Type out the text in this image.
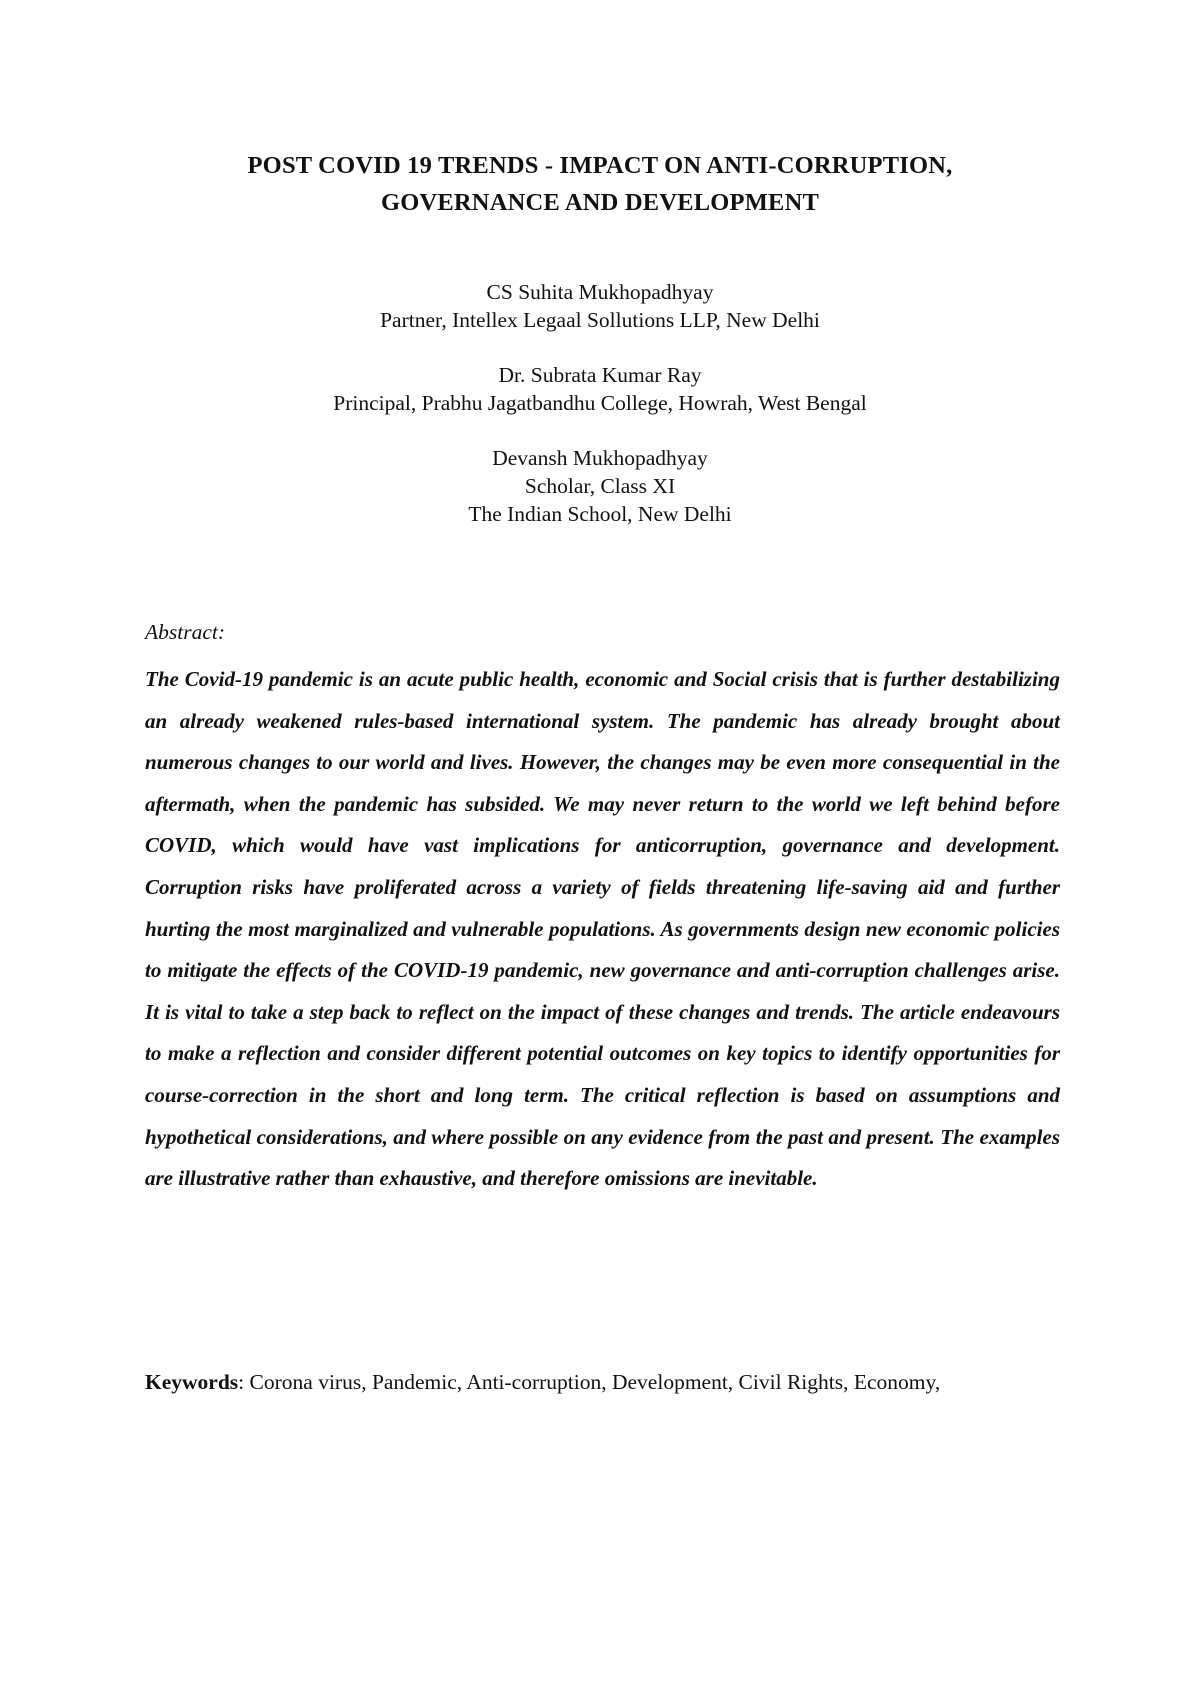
POST COVID 19 TRENDS - IMPACT ON ANTI-CORRUPTION,
GOVERNANCE AND DEVELOPMENT
CS Suhita Mukhopadhyay
Partner, Intellex Legaal Sollutions LLP, New Delhi
Dr. Subrata Kumar Ray
Principal, Prabhu Jagatbandhu College, Howrah, West Bengal
Devansh Mukhopadhyay
Scholar, Class XI
The Indian School, New Delhi
Abstract:
The Covid-19 pandemic is an acute public health, economic and Social crisis that is further destabilizing an already weakened rules-based international system. The pandemic has already brought about numerous changes to our world and lives. However, the changes may be even more consequential in the aftermath, when the pandemic has subsided. We may never return to the world we left behind before COVID, which would have vast implications for anticorruption, governance and development. Corruption risks have proliferated across a variety of fields threatening life-saving aid and further hurting the most marginalized and vulnerable populations. As governments design new economic policies to mitigate the effects of the COVID-19 pandemic, new governance and anti-corruption challenges arise. It is vital to take a step back to reflect on the impact of these changes and trends. The article endeavours to make a reflection and consider different potential outcomes on key topics to identify opportunities for course-correction in the short and long term. The critical reflection is based on assumptions and hypothetical considerations, and where possible on any evidence from the past and present. The examples are illustrative rather than exhaustive, and therefore omissions are inevitable.
Keywords: Corona virus, Pandemic, Anti-corruption, Development, Civil Rights, Economy,
